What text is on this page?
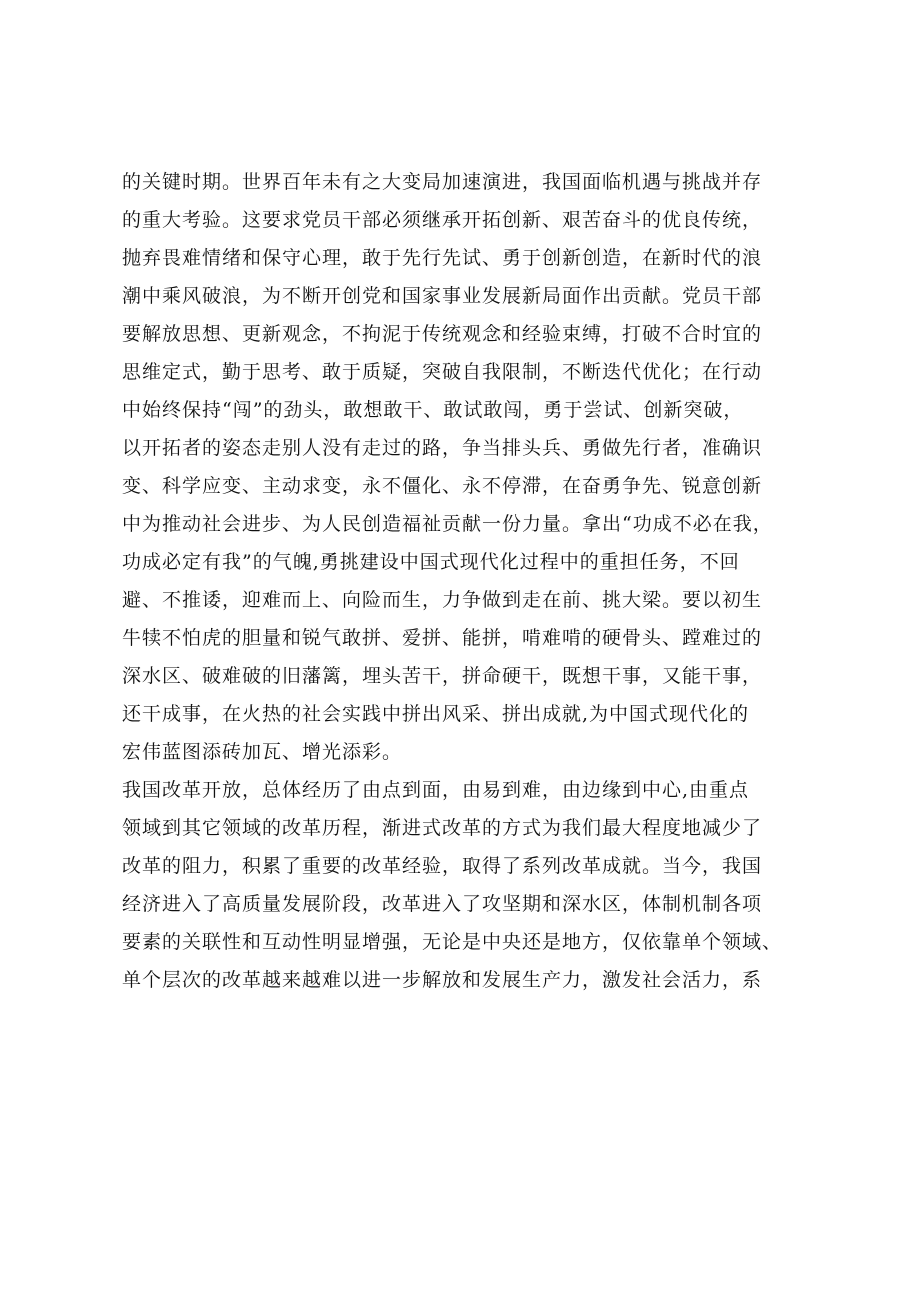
的关键时期。世界百年未有之大变局加速演进，我国面临机遇与挑战并存
的重大考验。这要求党员干部必须继承开拓创新、艰苦奋斗的优良传统，
抛弃畏难情绪和保守心理，敢于先行先试、勇于创新创造，在新时代的浪
潮中乘风破浪，为不断开创党和国家事业发展新局面作出贡献。党员干部
要解放思想、更新观念，不拘泥于传统观念和经验束缚，打破不合时宜的
思维定式，勤于思考、敢于质疑，突破自我限制，不断迭代优化；在行动
中始终保持“闯”的劲头，敢想敢干、敢试敢闯，勇于尝试、创新突破，
以开拓者的姿态走别人没有走过的路，争当排头兵、勇做先行者，准确识
变、科学应变、主动求变，永不僵化、永不停滞，在奋勇争先、锐意创新
中为推动社会进步、为人民创造福祉贡献一份力量。拿出“功成不必在我，
功成必定有我”的气魄,勇挑建设中国式现代化过程中的重担任务，不回
避、不推诿，迎难而上、向险而生，力争做到走在前、挑大梁。要以初生
牛犊不怕虎的胆量和锐气敢拼、爱拼、能拼，啃难啃的硬骨头、蹚难过的
深水区、破难破的旧藩篱，埋头苦干，拼命硬干，既想干事，又能干事，
还干成事，在火热的社会实践中拼出风采、拼出成就,为中国式现代化的
宏伟蓝图添砖加瓦、增光添彩。
我国改革开放，总体经历了由点到面，由易到难，由边缘到中心,由重点
领域到其它领域的改革历程，渐进式改革的方式为我们最大程度地减少了
改革的阻力，积累了重要的改革经验，取得了系列改革成就。当今，我国
经济进入了高质量发展阶段，改革进入了攻坚期和深水区，体制机制各项
要素的关联性和互动性明显增强，无论是中央还是地方，仅依靠单个领域、
单个层次的改革越来越难以进一步解放和发展生产力，激发社会活力，系
